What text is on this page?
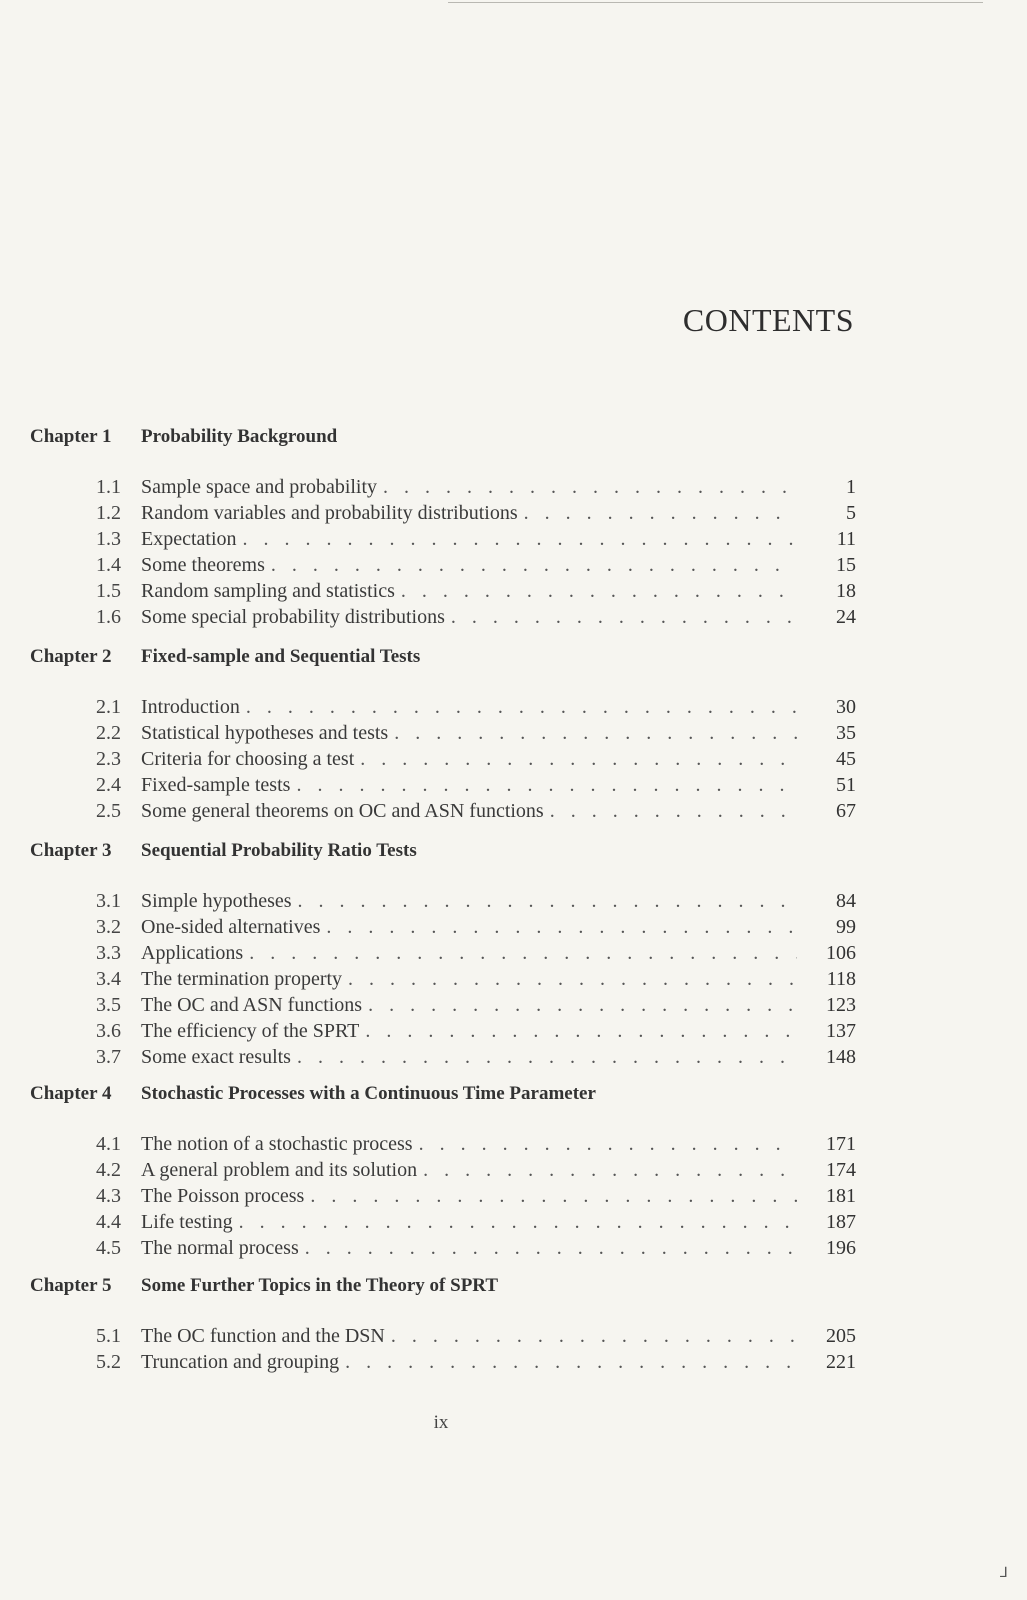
CONTENTS
Chapter 1 Probability Background
1.1 Sample space and probability . . .	1
1.2 Random variables and probability distributions . . .	5
1.3 Expectation . . .	11
1.4 Some theorems . . .	15
1.5 Random sampling and statistics . . .	18
1.6 Some special probability distributions . . .	24
Chapter 2 Fixed-sample and Sequential Tests
2.1 Introduction . . .	30
2.2 Statistical hypotheses and tests . . .	35
2.3 Criteria for choosing a test . . .	45
2.4 Fixed-sample tests . . .	51
2.5 Some general theorems on OC and ASN functions . . .	67
Chapter 3 Sequential Probability Ratio Tests
3.1 Simple hypotheses . . .	84
3.2 One-sided alternatives . . .	99
3.3 Applications . . .	106
3.4 The termination property . . .	118
3.5 The OC and ASN functions . . .	123
3.6 The efficiency of the SPRT . . .	137
3.7 Some exact results . . .	148
Chapter 4 Stochastic Processes with a Continuous Time Parameter
4.1 The notion of a stochastic process . . .	171
4.2 A general problem and its solution . . .	174
4.3 The Poisson process . . .	181
4.4 Life testing . . .	187
4.5 The normal process . . .	196
Chapter 5 Some Further Topics in the Theory of SPRT
5.1 The OC function and the DSN . . .	205
5.2 Truncation and grouping . . .	221
ix
⅃
